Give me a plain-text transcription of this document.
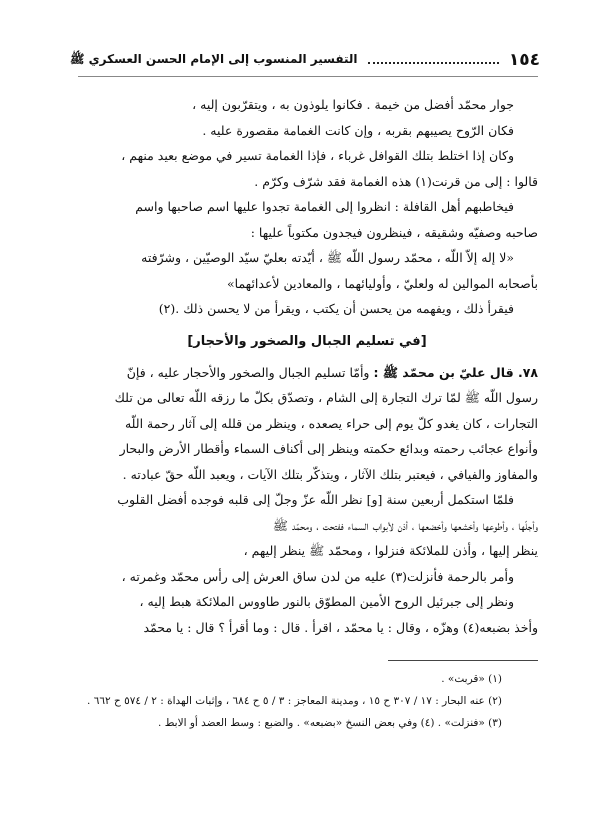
١٥٤
التفسير المنسوب إلى الإمام الحسن العسكري ﷺ

جوار محمّد أفضل من خيمة . فكانوا يلوذون به ، ويتقرّبون إليه ،

فكان الرّوح يصيبهم بقربه ، وإن كانت الغمامة مقصورة عليه .

وكان إذا اختلط بتلك القوافل غرباء ، فإذا الغمامة تسير في موضع بعيد منهم ،

قالوا : إلى من قرنت(١) هذه الغمامة فقد شرّف وكرّم .

فيخاطبهم أهل القافلة : انظروا إلى الغمامة تجدوا عليها اسم صاحبها واسم

صاحبه وصفيّه وشقيقه ، فينظرون فيجدون مكتوباً عليها :

«لا إله إلاّ اللّه ، محمّد رسول اللّه ﷺ ، أيّدته بعليّ سيّد الوصيّين ، وشرّفته

بأصحابه الموالين له ولعليّ ، وأوليائهما ، والمعادين لأعدائهما»

فيقرأ ذلك ، ويفهمه من يحسن أن يكتب ، ويقرأ من لا يحسن ذلك .(٢)

[في تسليم الجبال والصخور والأحجار]

٧٨. قال عليّ بن محمّد ﷺ : وأمّا تسليم الجبال والصخور والأحجار عليه ، فإنّ

رسول اللّه ﷺ لمّا ترك التجارة إلى الشام ، وتصدّق بكلّ ما رزقه اللّه تعالى من تلك

التجارات ، كان يغدو كلّ يوم إلى حراء يصعده ، وينظر من قلله إلى آثار رحمة اللّه

وأنواع عجائب رحمته وبدائع حكمته وينظر إلى أكناف السماء وأقطار الأرض والبحار

والمفاوز والفيافي ، فيعتبر بتلك الآثار ، ويتذكّر بتلك الآيات ، ويعبد اللّه حقّ عبادته .

فلمّا استكمل أربعين سنة [و] نظر اللّه عزّ وجلّ إلى قلبه فوجده أفضل القلوب

وأجلّها ، وأطوعها وأخشعها وأخضعها ، أذن لأبواب السماء ففتحت ، ومحمّد ﷺ

ينظر إليها ، وأذن للملائكة فنزلوا ، ومحمّد ﷺ ينظر إليهم ،

وأمر بالرحمة فأنزلت(٣) عليه من لدن ساق العرش إلى رأس محمّد وغمرته ،

ونظر إلى جبرئيل الروح الأمين المطوّق بالنور طاووس الملائكة هبط إليه ،

وأخذ بضبعه(٤) وهزّه ، وقال : يا محمّد ، اقرأ . قال : وما أقرأ ؟ قال : يا محمّد

(١) «قربت» .

(٢) عنه البحار : ١٧ / ٣٠٧ ح ١٥ ، ومدينة المعاجز : ٣ / ٥ ح ٦٨٤ ، وإثبات الهداة : ٢ / ٥٧٤ ح ٦٦٢ .

(٣) «فنزلت» . (٤) وفي بعض النسخ «بضبعه» . والضبع : وسط العضد أو الابط .
